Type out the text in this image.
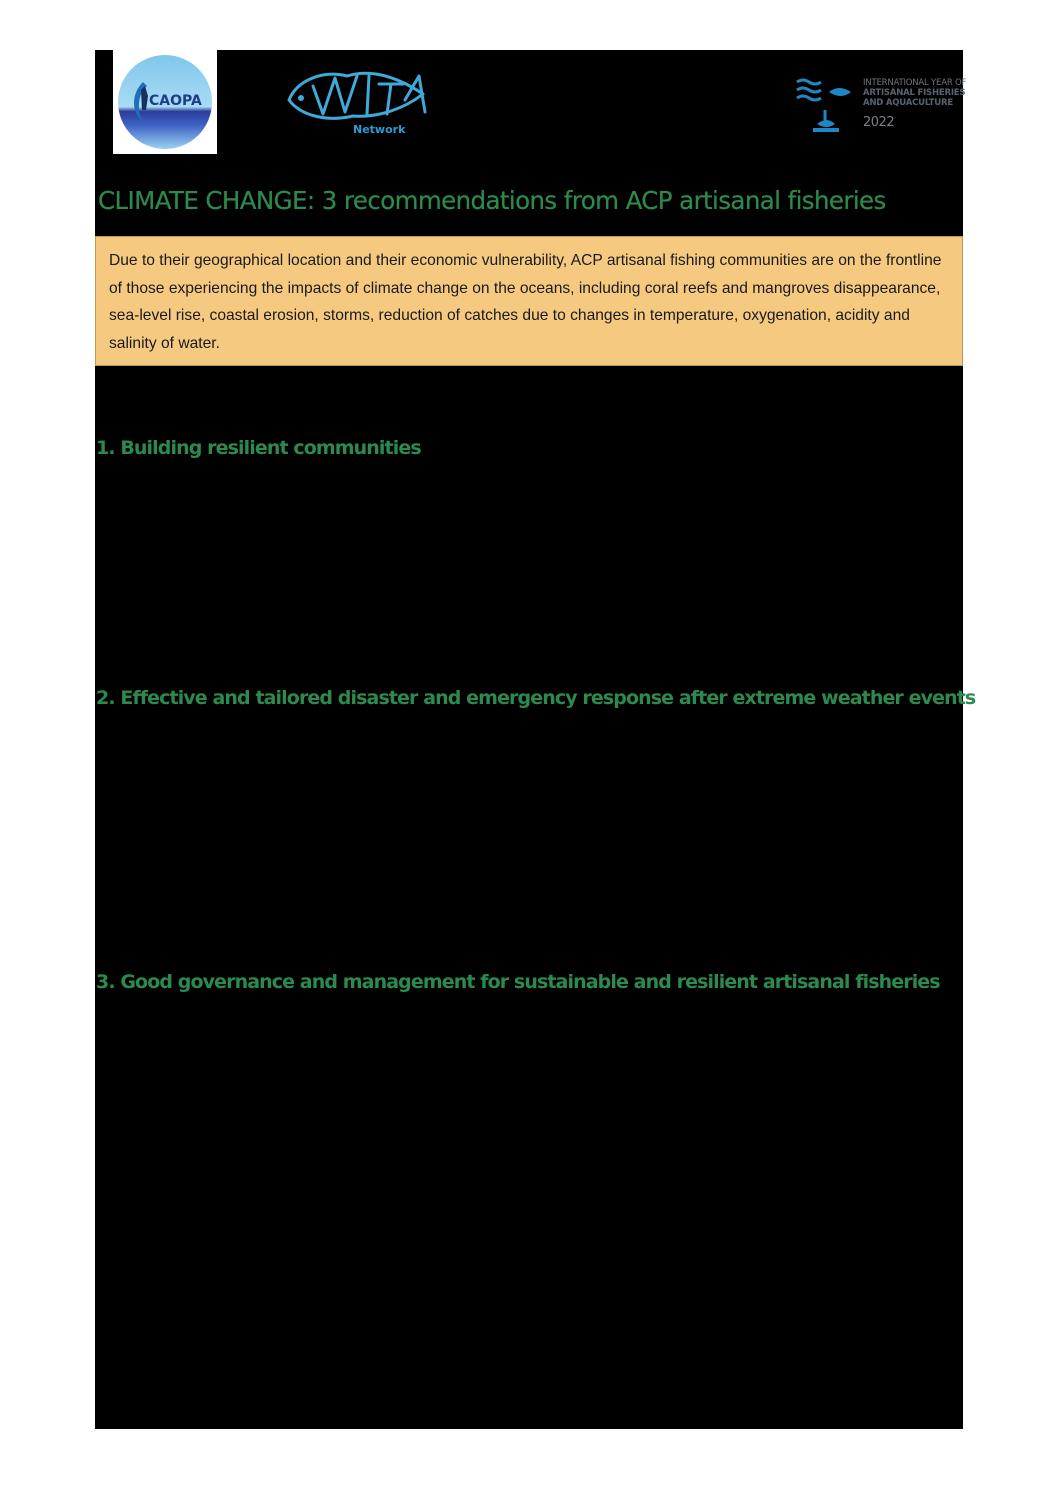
CAOPA
Network
INTERNATIONAL YEAR OF
ARTISANAL FISHERIES
AND AQUACULTURE
2022
CLIMATE CHANGE: 3 recommendations from ACP artisanal fisheries

Due to their geographical location and their economic vulnerability, ACP artisanal fishing communities are on the frontline of those experiencing the impacts of climate change on the oceans, including coral reefs and mangroves disappearance, sea-level rise, coastal erosion, storms, reduction of catches due to changes in temperature, oxygenation, acidity and salinity of water.

1. Building resilient communities
2. Effective and tailored disaster and emergency response after extreme weather events
3. Good governance and management for sustainable and resilient artisanal fisheries
